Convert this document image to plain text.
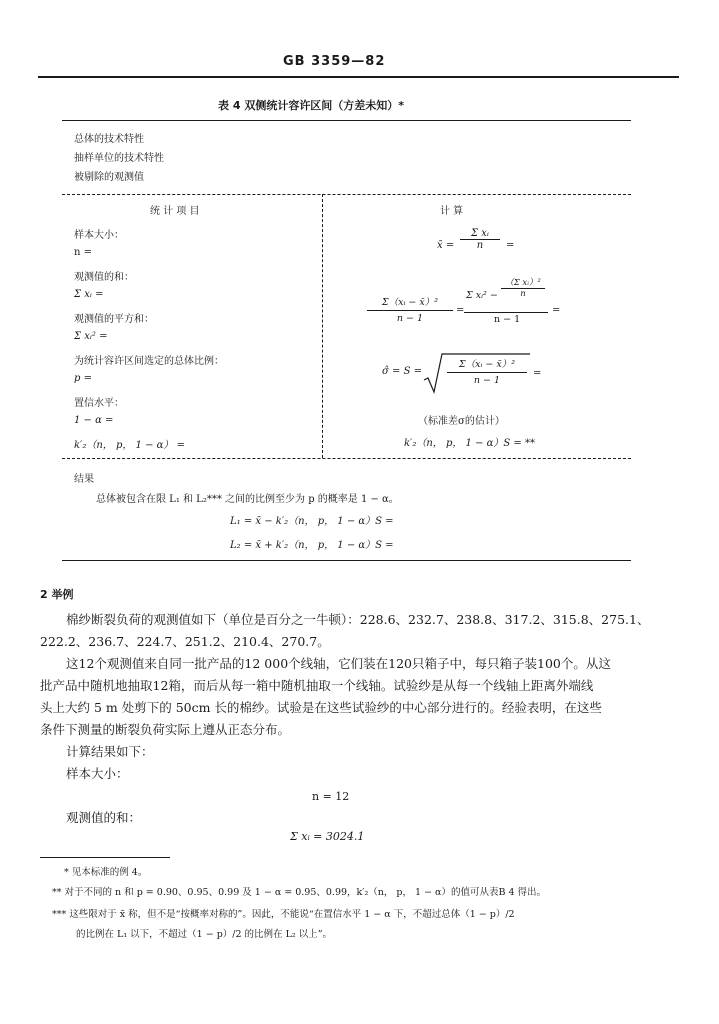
GB 3359—82
表 4 双侧统计容许区间（方差未知）*
总体的技术特性
抽样单位的技术特性
被剔除的观测值
统 计 项 目	计 算
样本大小：
n =
观测值的和：
Σ xᵢ =
观测值的平方和：
Σ xᵢ² =
为统计容许区间选定的总体比例：
p =
置信水平：
1 − α =
k′₂（n， p， 1 − α） =
x̄ =
Σ xᵢ
n =
Σ（xᵢ − x̄）²
n − 1
=
Σ xᵢ² −
（Σ xᵢ）²
n
n − 1
=
σ̂ = S =
Σ（xᵢ − x̄）²
n − 1
=
（标准差σ的估计）
k′₂（n， p， 1 − α）S = **
结果
总体被包含在限 L₁ 和 L₂*** 之间的比例至少为 p 的概率是 1 − α。
L₁ = x̄ − k′₂（n， p， 1 − α）S =
L₂ = x̄ + k′₂（n， p， 1 − α）S =
2 举例
棉纱断裂负荷的观测值如下（单位是百分之一牛顿）：228.6、232.7、238.8、317.2、315.8、275.1、
222.2、236.7、224.7、251.2、210.4、270.7。
这12个观测值来自同一批产品的12 000个线轴，它们装在120只箱子中，每只箱子装100个。从这
批产品中随机地抽取12箱，而后从每一箱中随机抽取一个线轴。试验纱是从每一个线轴上距离外端线
头上大约 5 m 处剪下的 50cm 长的棉纱。试验是在这些试验纱的中心部分进行的。经验表明，在这些
条件下测量的断裂负荷实际上遵从正态分布。
计算结果如下：
样本大小：
n = 12
观测值的和：
Σ xᵢ = 3024.1
* 见本标准的例 4。
** 对于不同的 n 和 p = 0.90、0.95、0.99 及 1 − α = 0.95、0.99，k′₂（n， p， 1 − α）的值可从表B 4 得出。
*** 这些限对于 x̄ 称，但不是“按概率对称的”。因此，不能说“在置信水平 1 − α 下，不超过总体（1 − p）/2
的比例在 L₁ 以下，不超过（1 − p）/2 的比例在 L₂ 以上”。
